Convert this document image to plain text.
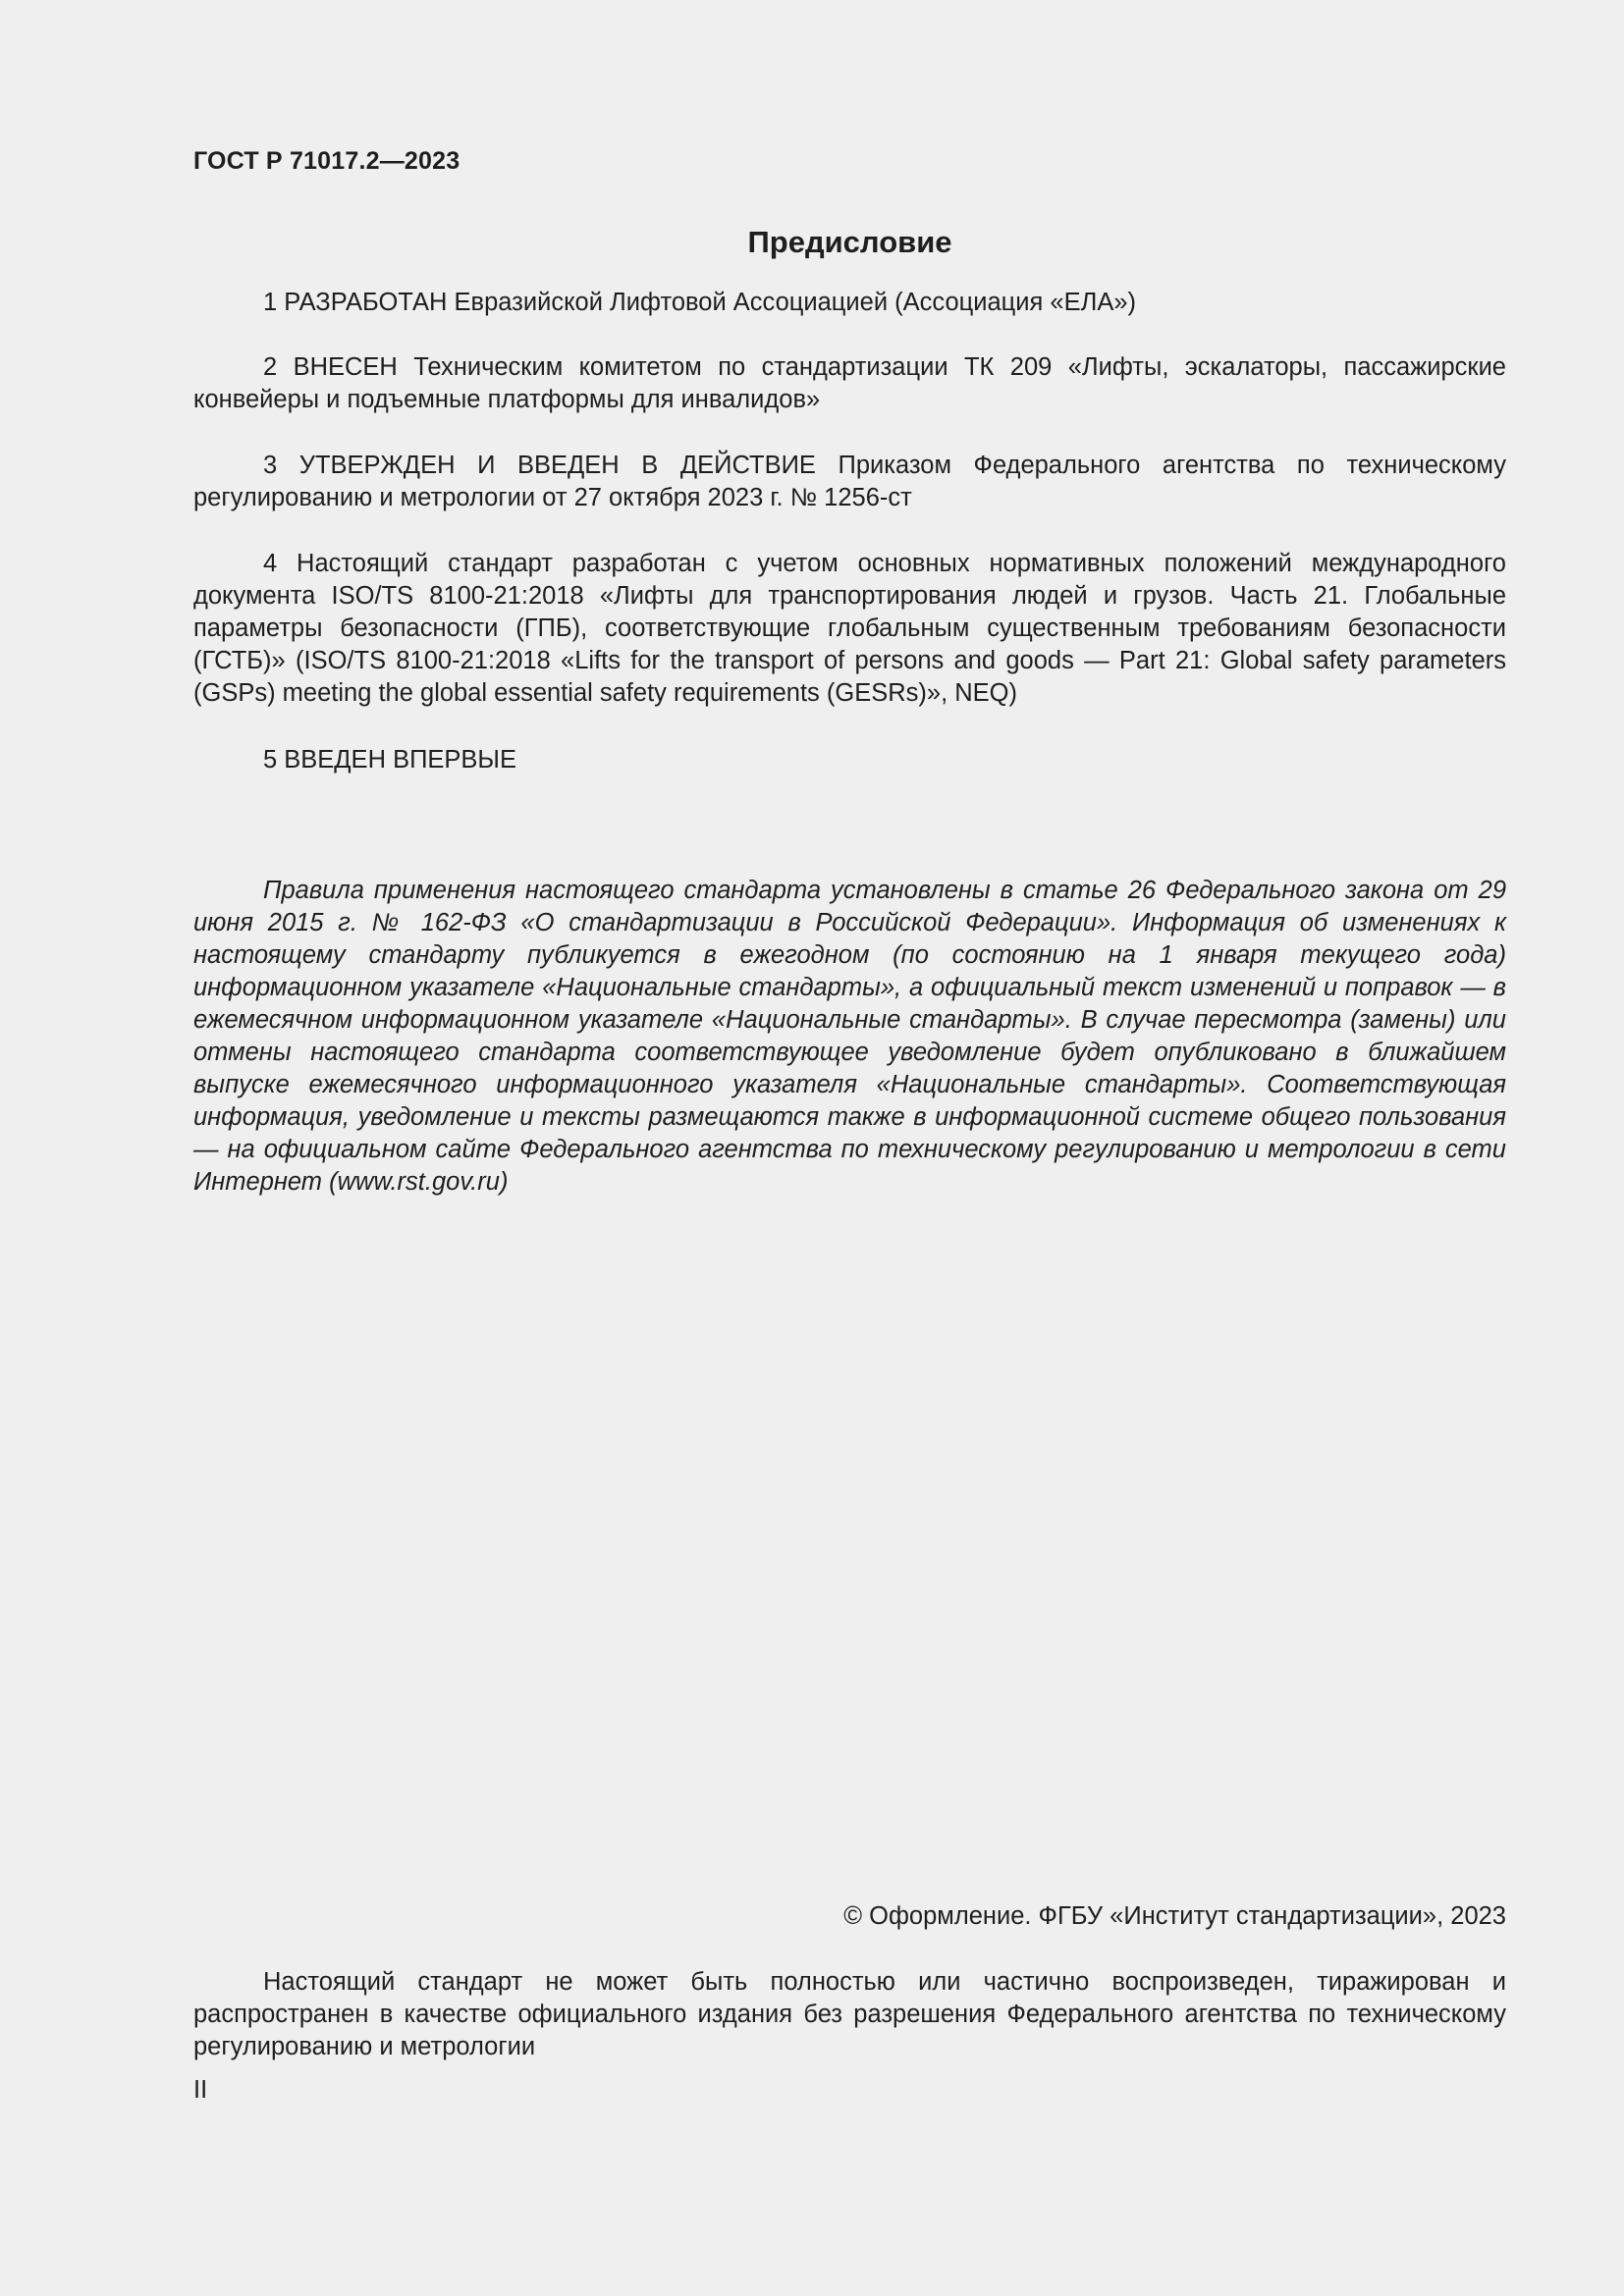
ГОСТ Р 71017.2—2023
Предисловие

1 РАЗРАБОТАН Евразийской Лифтовой Ассоциацией (Ассоциация «ЕЛА»)

2 ВНЕСЕН Техническим комитетом по стандартизации ТК 209 «Лифты, эскалаторы, пассажирские конвейеры и подъемные платформы для инвалидов»

3 УТВЕРЖДЕН И ВВЕДЕН В ДЕЙСТВИЕ Приказом Федерального агентства по техническому регулированию и метрологии от 27 октября 2023 г. № 1256-ст

4 Настоящий стандарт разработан с учетом основных нормативных положений международного документа ISO/TS 8100-21:2018 «Лифты для транспортирования людей и грузов. Часть 21. Глобальные параметры безопасности (ГПБ), соответствующие глобальным существенным требованиям безопасности (ГСТБ)» (ISO/TS 8100-21:2018 «Lifts for the transport of persons and goods — Part 21: Global safety parameters (GSPs) meeting the global essential safety requirements (GESRs)», NEQ)

5 ВВЕДЕН ВПЕРВЫЕ

Правила применения настоящего стандарта установлены в статье 26 Федерального закона от 29 июня 2015 г. № 162-ФЗ «О стандартизации в Российской Федерации». Информация об изменениях к настоящему стандарту публикуется в ежегодном (по состоянию на 1 января текущего года) информационном указателе «Национальные стандарты», а официальный текст изменений и поправок — в ежемесячном информационном указателе «Национальные стандарты». В случае пересмотра (замены) или отмены настоящего стандарта соответствующее уведомление будет опубликовано в ближайшем выпуске ежемесячного информационного указателя «Национальные стандарты». Соответствующая информация, уведомление и тексты размещаются также в информационной системе общего пользования — на официальном сайте Федерального агентства по техническому регулированию и метрологии в сети Интернет (www.rst.gov.ru)

© Оформление. ФГБУ «Институт стандартизации», 2023

Настоящий стандарт не может быть полностью или частично воспроизведен, тиражирован и распространен в качестве официального издания без разрешения Федерального агентства по техническому регулированию и метрологии

II
